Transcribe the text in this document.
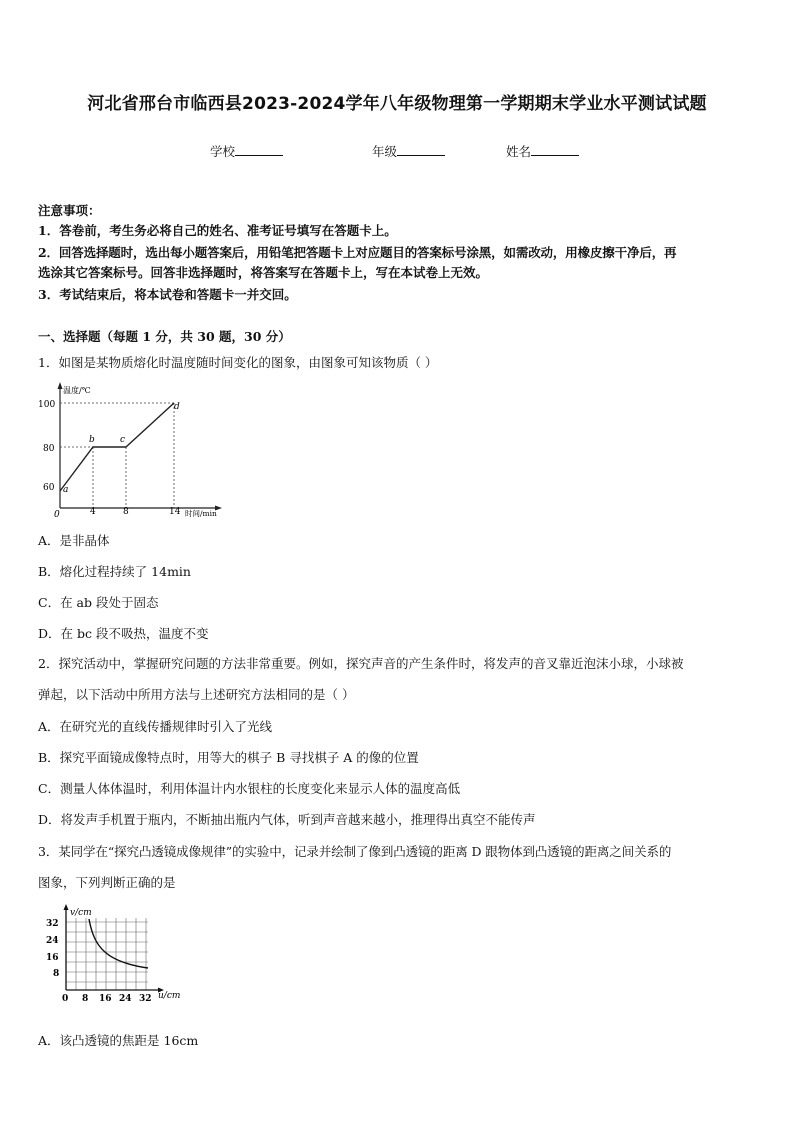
河北省邢台市临西县2023-2024学年八年级物理第一学期期末学业水平测试试题
学校	年级	姓名
注意事项：
1．答卷前，考生务必将自己的姓名、准考证号填写在答题卡上。
2．回答选择题时，选出每小题答案后，用铅笔把答题卡上对应题目的答案标号涂黑，如需改动，用橡皮擦干净后，再
选涂其它答案标号。回答非选择题时，将答案写在答题卡上，写在本试卷上无效。
3．考试结束后，将本试卷和答题卡一并交回。
一、选择题（每题 1 分，共 30 题，30 分）
1．如图是某物质熔化时温度随时间变化的图象，由图象可知该物质（ ）
温度/℃
100
80
60
0	4	8	14 时间/min
a
b	c
d
A．是非晶体
B．熔化过程持续了 14min
C．在 ab 段处于固态
D．在 bc 段不吸热，温度不变
2．探究活动中，掌握研究问题的方法非常重要。例如，探究声音的产生条件时，将发声的音叉靠近泡沫小球，小球被
弹起，以下活动中所用方法与上述研究方法相同的是（ ）
A．在研究光的直线传播规律时引入了光线
B．探究平面镜成像特点时，用等大的棋子 B 寻找棋子 A 的像的位置
C．测量人体体温时，利用体温计内水银柱的长度变化来显示人体的温度高低
D．将发声手机置于瓶内，不断抽出瓶内气体，听到声音越来越小，推理得出真空不能传声
3．某同学在“探究凸透镜成像规律”的实验中，记录并绘制了像到凸透镜的距离 D 跟物体到凸透镜的距离之间关系的
图象，下列判断正确的是
v/cm
32
24
16
8
0 8 16 24 32 u/cm
A．该凸透镜的焦距是 16cm
